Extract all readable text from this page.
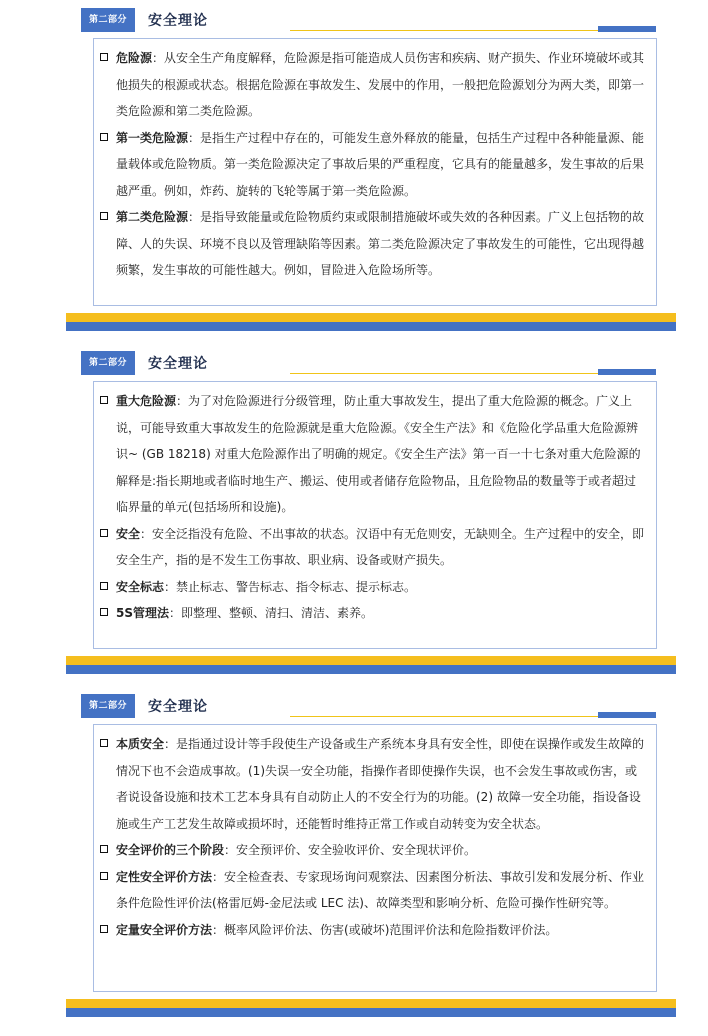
第二部分	安全理论
危险源：从安全生产角度解释，危险源是指可能造成人员伤害和疾病、财产损失、作业环境破坏或其他损失的根源或状态。根据危险源在事故发生、发展中的作用，一般把危险源划分为两大类，即第一类危险源和第二类危险源。
第一类危险源：是指生产过程中存在的，可能发生意外释放的能量，包括生产过程中各种能量源、能量载体或危险物质。第一类危险源决定了事故后果的严重程度，它具有的能量越多，发生事故的后果越严重。例如，炸药、旋转的飞轮等属于第一类危险源。
第二类危险源：是指导致能量或危险物质约束或限制措施破坏或失效的各种因素。广义上包括物的故障、人的失误、环境不良以及管理缺陷等因素。第二类危险源决定了事故发生的可能性，它出现得越频繁，发生事故的可能性越大。例如，冒险进入危险场所等。
第二部分	安全理论
重大危险源：为了对危险源进行分级管理，防止重大事故发生，提出了重大危险源的概念。广义上说，可能导致重大事故发生的危险源就是重大危险源。《安全生产法》和《危险化学品重大危险源辨识~ (GB 18218) 对重大危险源作出了明确的规定。《安全生产法》第一百一十七条对重大危险源的解释是:指长期地或者临时地生产、搬运、使用或者储存危险物品，且危险物品的数量等于或者超过临界量的单元(包括场所和设施)。
安全：安全泛指没有危险、不出事故的状态。汉语中有无危则安，无缺则全。生产过程中的安全，即安全生产，指的是不发生工伤事故、职业病、设备或财产损失。
安全标志：禁止标志、警告标志、指令标志、提示标志。
5S管理法：即整理、整顿、清扫、清洁、素养。
第二部分	安全理论
本质安全：是指通过设计等手段使生产设备或生产系统本身具有安全性，即使在误操作或发生故障的情况下也不会造成事故。(1)失误一安全功能，指操作者即使操作失误，也不会发生事故或伤害，或者说设备设施和技术工艺本身具有自动防止人的不安全行为的功能。(2) 故障一安全功能，指设备设施或生产工艺发生故障或损坏时，还能暂时维持正常工作或自动转变为安全状态。
安全评价的三个阶段：安全预评价、安全验收评价、安全现状评价。
定性安全评价方法：安全检查表、专家现场询问观察法、因素图分析法、事故引发和发展分析、作业条件危险性评价法(格雷厄姆-金尼法或 LEC 法)、故障类型和影响分析、危险可操作性研究等。
定量安全评价方法：概率风险评价法、伤害(或破坏)范围评价法和危险指数评价法。
